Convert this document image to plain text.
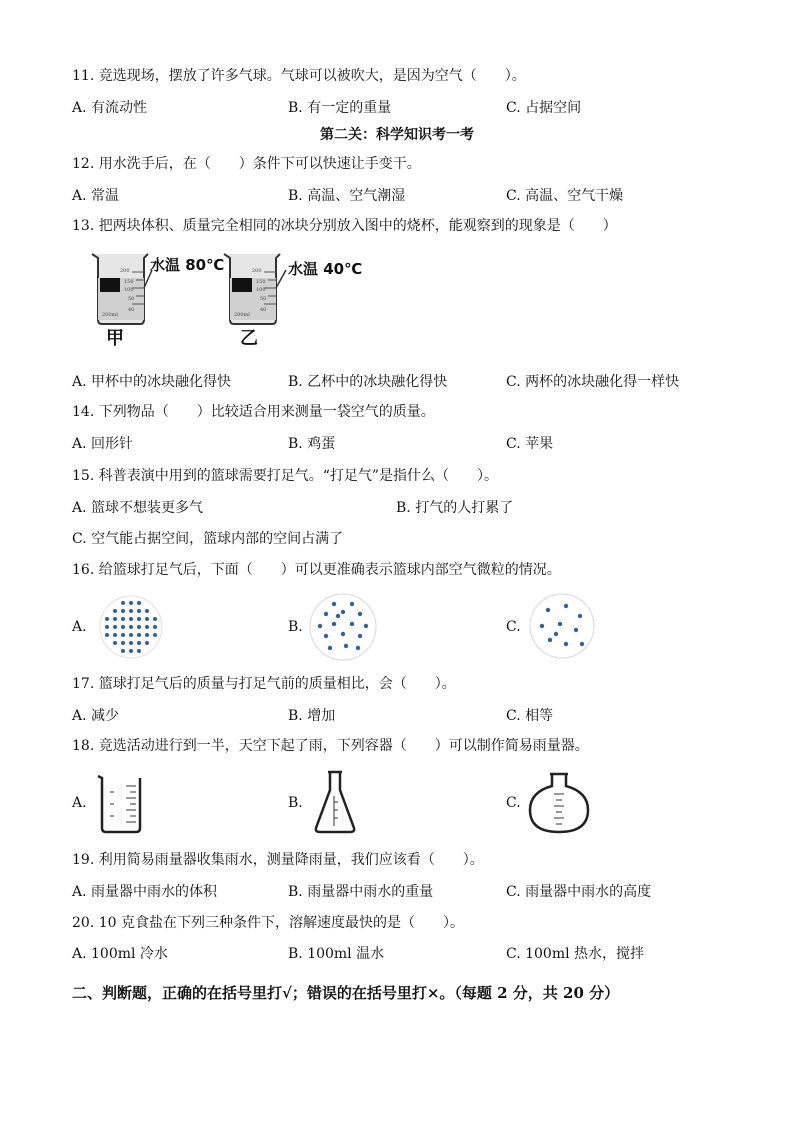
11. 竞选现场，摆放了许多气球。气球可以被吹大，是因为空气（　　）。
A. 有流动性	B. 有一定的重量	C. 占据空间
第二关：科学知识考一考
12. 用水洗手后，在（　　）条件下可以快速让手变干。
A. 常温	B. 高温、空气潮湿	C. 高温、空气干燥
13. 把两块体积、质量完全相同的冰块分别放入图中的烧杯，能观察到的现象是（　　）
200
150
100
50
40
200ml
水温 80℃
甲
200
150
100
50
40
200ml
水温 40℃
乙
A. 甲杯中的冰块融化得快	B. 乙杯中的冰块融化得快	C. 两杯的冰块融化得一样快
14. 下列物品（　　）比较适合用来测量一袋空气的质量。
A. 回形针	B. 鸡蛋	C. 苹果
15. 科普表演中用到的篮球需要打足气。“打足气”是指什么（　　）。
A. 篮球不想装更多气	B. 打气的人打累了
C. 空气能占据空间，篮球内部的空间占满了
16. 给篮球打足气后，下面（　　）可以更准确表示篮球内部空气微粒的情况。
A.	B.	C.
17. 篮球打足气后的质量与打足气前的质量相比，会（　　）。
A. 减少	B. 增加	C. 相等
18. 竞选活动进行到一半，天空下起了雨，下列容器（　　）可以制作简易雨量器。
A.	B.	C.
19. 利用简易雨量器收集雨水，测量降雨量，我们应该看（　　）。
A. 雨量器中雨水的体积	B. 雨量器中雨水的重量	C. 雨量器中雨水的高度
20. 10 克食盐在下列三种条件下，溶解速度最快的是（　　）。
A. 100ml 冷水	B. 100ml 温水	C. 100ml 热水，搅拌
二、判断题，正确的在括号里打√；错误的在括号里打×。（每题 2 分，共 20 分）
